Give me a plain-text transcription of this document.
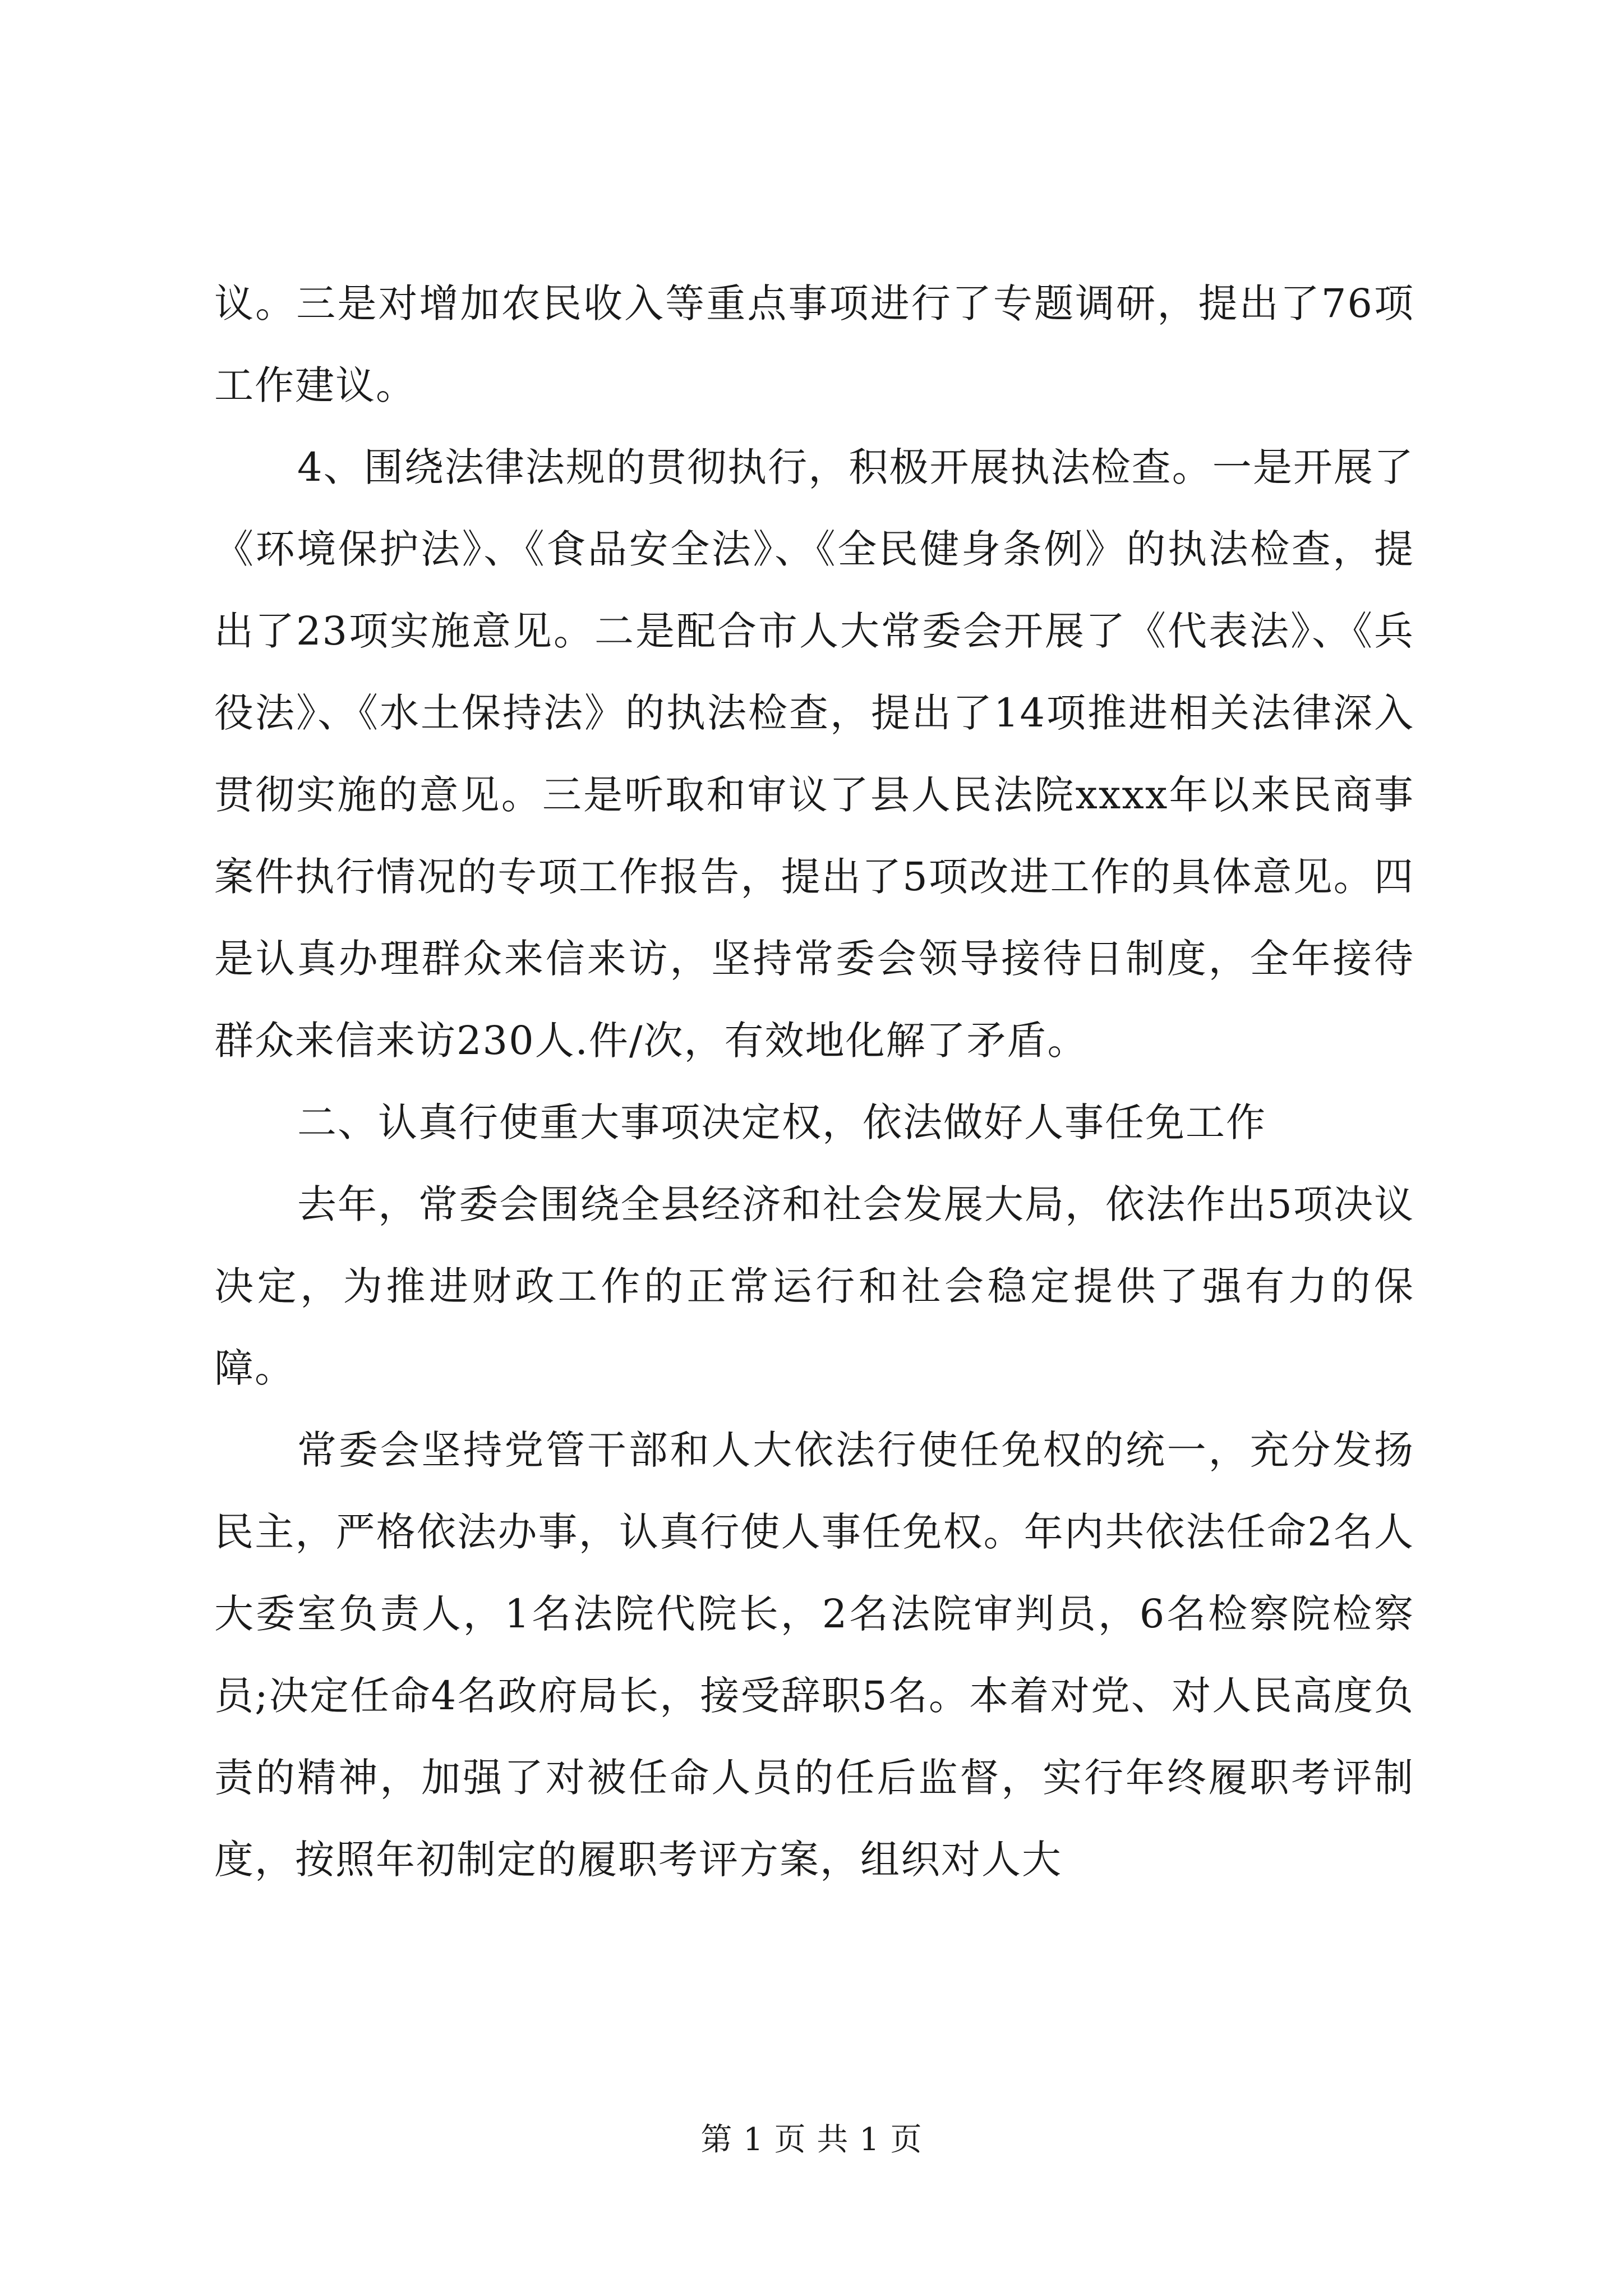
议。三是对增加农民收入等重点事项进行了专题调研，提出了76项工作建议。

4、围绕法律法规的贯彻执行，积极开展执法检查。一是开展了《环境保护法》、《食品安全法》、《全民健身条例》的执法检查，提出了23项实施意见。二是配合市人大常委会开展了《代表法》、《兵役法》、《水土保持法》的执法检查，提出了14项推进相关法律深入贯彻实施的意见。三是听取和审议了县人民法院xxxx年以来民商事案件执行情况的专项工作报告，提出了5项改进工作的具体意见。四是认真办理群众来信来访，坚持常委会领导接待日制度，全年接待群众来信来访230人.件/次，有效地化解了矛盾。

二、认真行使重大事项决定权，依法做好人事任免工作

去年，常委会围绕全县经济和社会发展大局，依法作出5项决议决定，为推进财政工作的正常运行和社会稳定提供了强有力的保障。

常委会坚持党管干部和人大依法行使任免权的统一，充分发扬民主，严格依法办事，认真行使人事任免权。年内共依法任命2名人大委室负责人，1名法院代院长，2名法院审判员，6名检察院检察员;决定任命4名政府局长，接受辞职5名。本着对党、对人民高度负责的精神，加强了对被任命人员的任后监督，实行年终履职考评制度，按照年初制定的履职考评方案，组织对人大

第 1 页 共 1 页
